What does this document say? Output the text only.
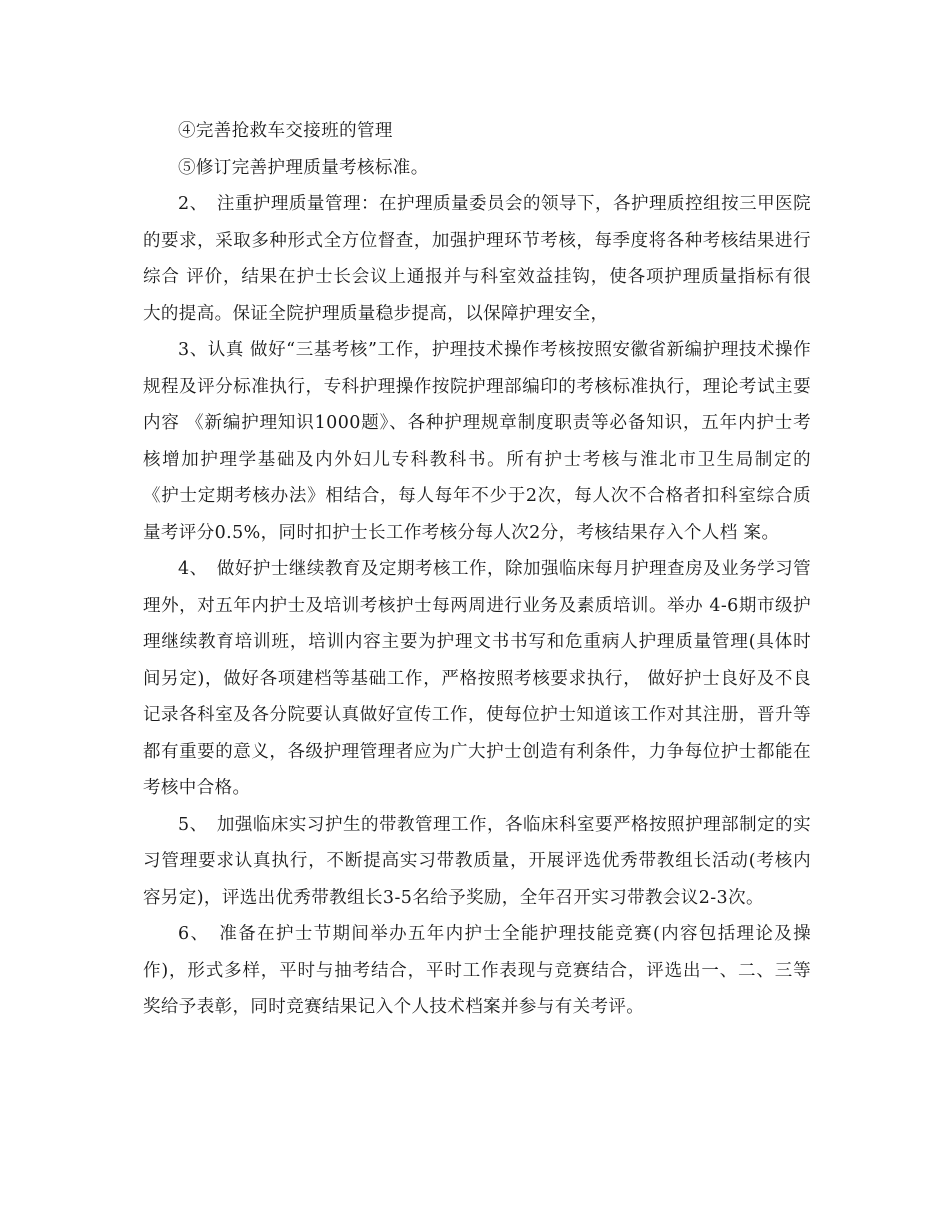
④完善抢救车交接班的管理

⑤修订完善护理质量考核标准。

2、　注重护理质量管理：在护理质量委员会的领导下，各护理质控组按三甲医院的要求，采取多种形式全方位督查，加强护理环节考核，每季度将各种考核结果进行综合 评价，结果在护士长会议上通报并与科室效益挂钩，使各项护理质量指标有很大的提高。保证全院护理质量稳步提高，以保障护理安全，

3、认真 做好“三基考核”工作，护理技术操作考核按照安徽省新编护理技术操作规程及评分标准执行，专科护理操作按院护理部编印的考核标准执行，理论考试主要内容 《新编护理知识1000题》、各种护理规章制度职责等必备知识，五年内护士考核增加护理学基础及内外妇儿专科教科书。所有护士考核与淮北市卫生局制定的 《护士定期考核办法》相结合，每人每年不少于2次，每人次不合格者扣科室综合质量考评分0.5%，同时扣护士长工作考核分每人次2分，考核结果存入个人档 案。

4、　做好护士继续教育及定期考核工作，除加强临床每月护理查房及业务学习管理外，对五年内护士及培训考核护士每两周进行业务及素质培训。举办 4-6期市级护理继续教育培训班，培训内容主要为护理文书书写和危重病人护理质量管理(具体时间另定)，做好各项建档等基础工作，严格按照考核要求执行， 做好护士良好及不良记录各科室及各分院要认真做好宣传工作，使每位护士知道该工作对其注册，晋升等都有重要的意义，各级护理管理者应为广大护士创造有利条件，力争每位护士都能在考核中合格。

5、　加强临床实习护生的带教管理工作，各临床科室要严格按照护理部制定的实习管理要求认真执行，不断提高实习带教质量，开展评选优秀带教组长活动(考核内容另定)，评选出优秀带教组长3-5名给予奖励，全年召开实习带教会议2-3次。

6、　准备在护士节期间举办五年内护士全能护理技能竞赛(内容包括理论及操作)，形式多样，平时与抽考结合，平时工作表现与竞赛结合，评选出一、二、三等奖给予表彰，同时竞赛结果记入个人技术档案并参与有关考评。
